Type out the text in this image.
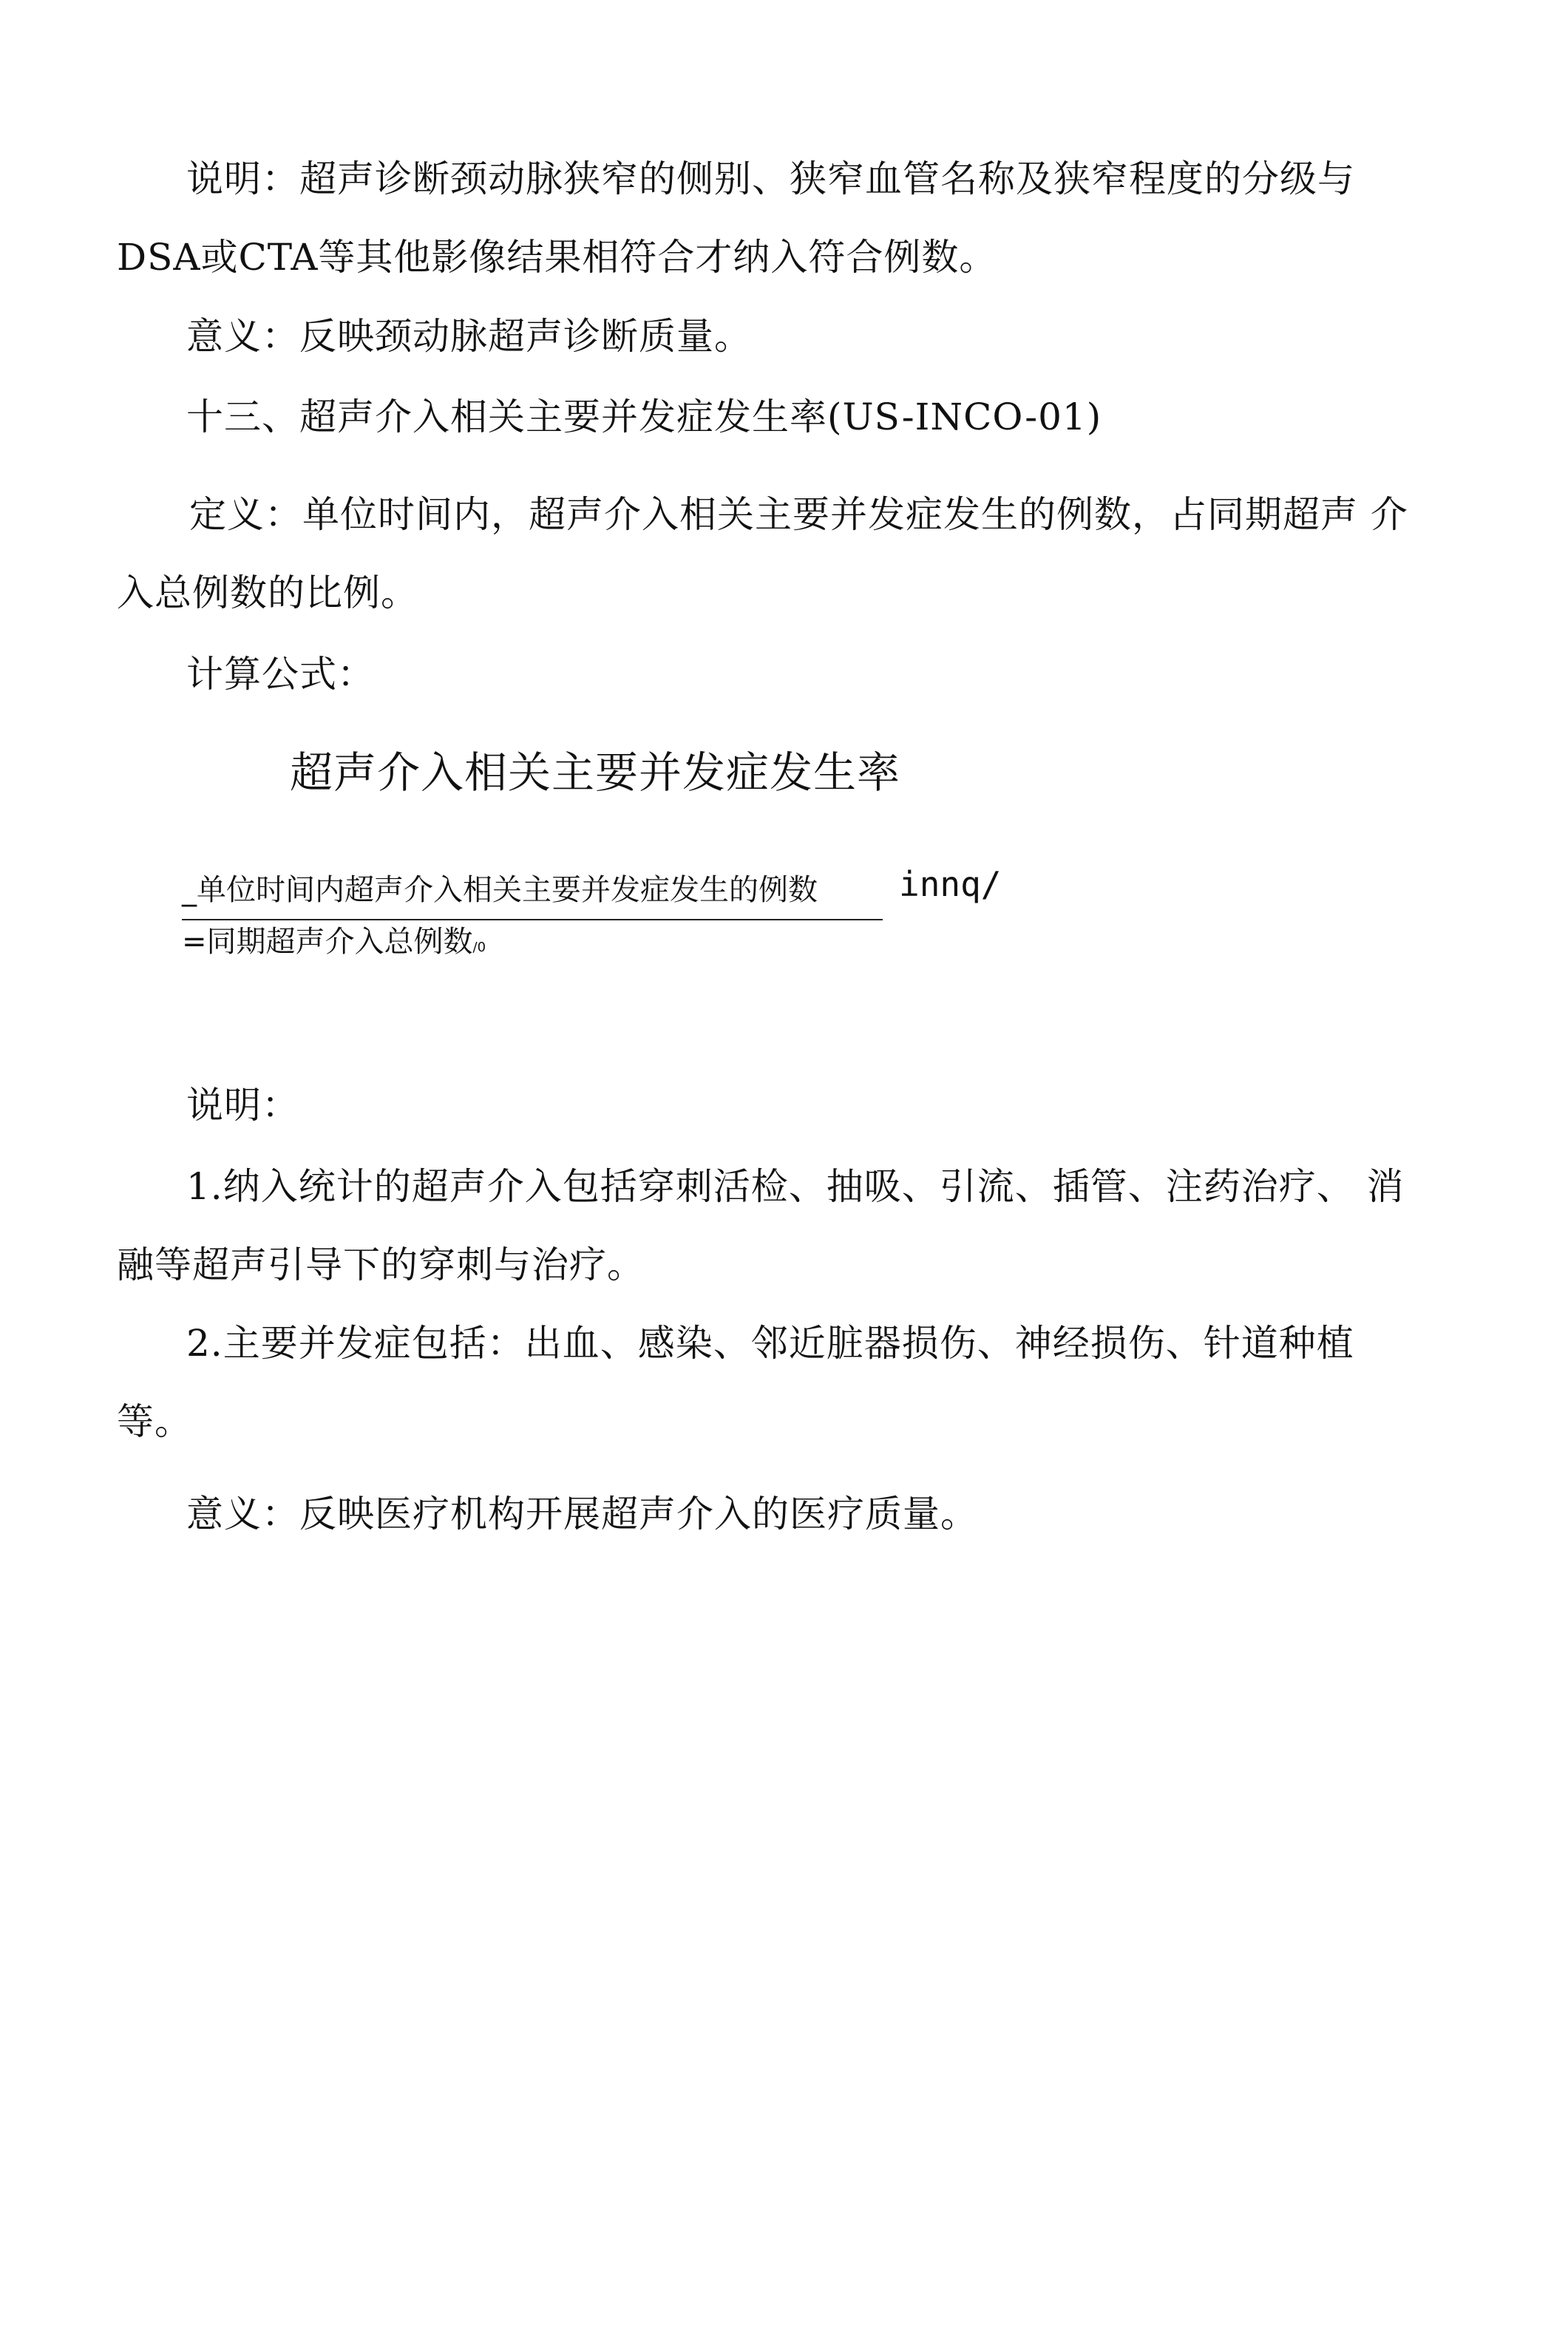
说明：超声诊断颈动脉狭窄的侧别、狭窄血管名称及狭窄程度的分级与
DSA或CTA等其他影像结果相符合才纳入符合例数。
意义：反映颈动脉超声诊断质量。
十三、超声介入相关主要并发症发生率(US-INCO-01)
定义：单位时间内，超声介入相关主要并发症发生的例数，占同期超声 介
入总例数的比例。
计算公式：
超声介入相关主要并发症发生率
_单位时间内超声介入相关主要并发症发生的例数 innq/
=同期超声介入总例数/0
说明：
1.纳入统计的超声介入包括穿刺活检、抽吸、引流、插管、注药治疗、 消
融等超声引导下的穿刺与治疗。
2.主要并发症包括：出血、感染、邻近脏器损伤、神经损伤、针道种植
等。
意义：反映医疗机构开展超声介入的医疗质量。
